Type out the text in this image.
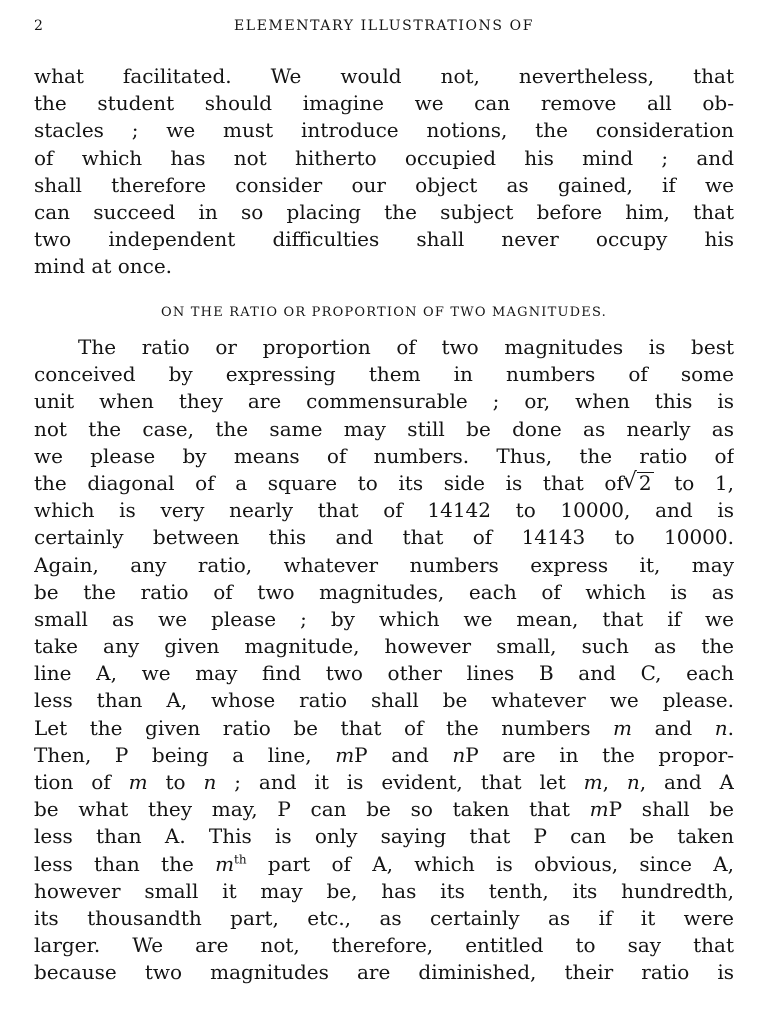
2	ELEMENTARY ILLUSTRATIONS OF
what facilitated. We would not, nevertheless, that
the student should imagine we can remove all ob-
stacles ; we must introduce notions, the consideration
of which has not hitherto occupied his mind ; and
shall therefore consider our object as gained, if we
can succeed in so placing the subject before him, that
two independent difficulties shall never occupy his
mind at once.
ON THE RATIO OR PROPORTION OF TWO MAGNITUDES.
The ratio or proportion of two magnitudes is best
conceived by expressing them in numbers of some
unit when they are commensurable ; or, when this is
not the case, the same may still be done as nearly as
we please by means of numbers. Thus, the ratio of
the diagonal of a square to its side is that of√ 2 to 1,
which is very nearly that of 14142 to 10000, and is
certainly between this and that of 14143 to 10000.
Again, any ratio, whatever numbers express it, may
be the ratio of two magnitudes, each of which is as
small as we please ; by which we mean, that if we
take any given magnitude, however small, such as the
line A, we may find two other lines B and C, each
less than A, whose ratio shall be whatever we please.
Let the given ratio be that of the numbers m and n.
Then, P being a line, mP and nP are in the propor-
tion of m to n ; and it is evident, that let m, n, and A
be what they may, P can be so taken that mP shall be
less than A. This is only saying that P can be taken
less than the $m^{th}$ part of A, which is obvious, since A,
however small it may be, has its tenth, its hundredth,
its thousandth part, etc., as certainly as if it were
larger. We are not, therefore, entitled to say that
because two magnitudes are diminished, their ratio is
